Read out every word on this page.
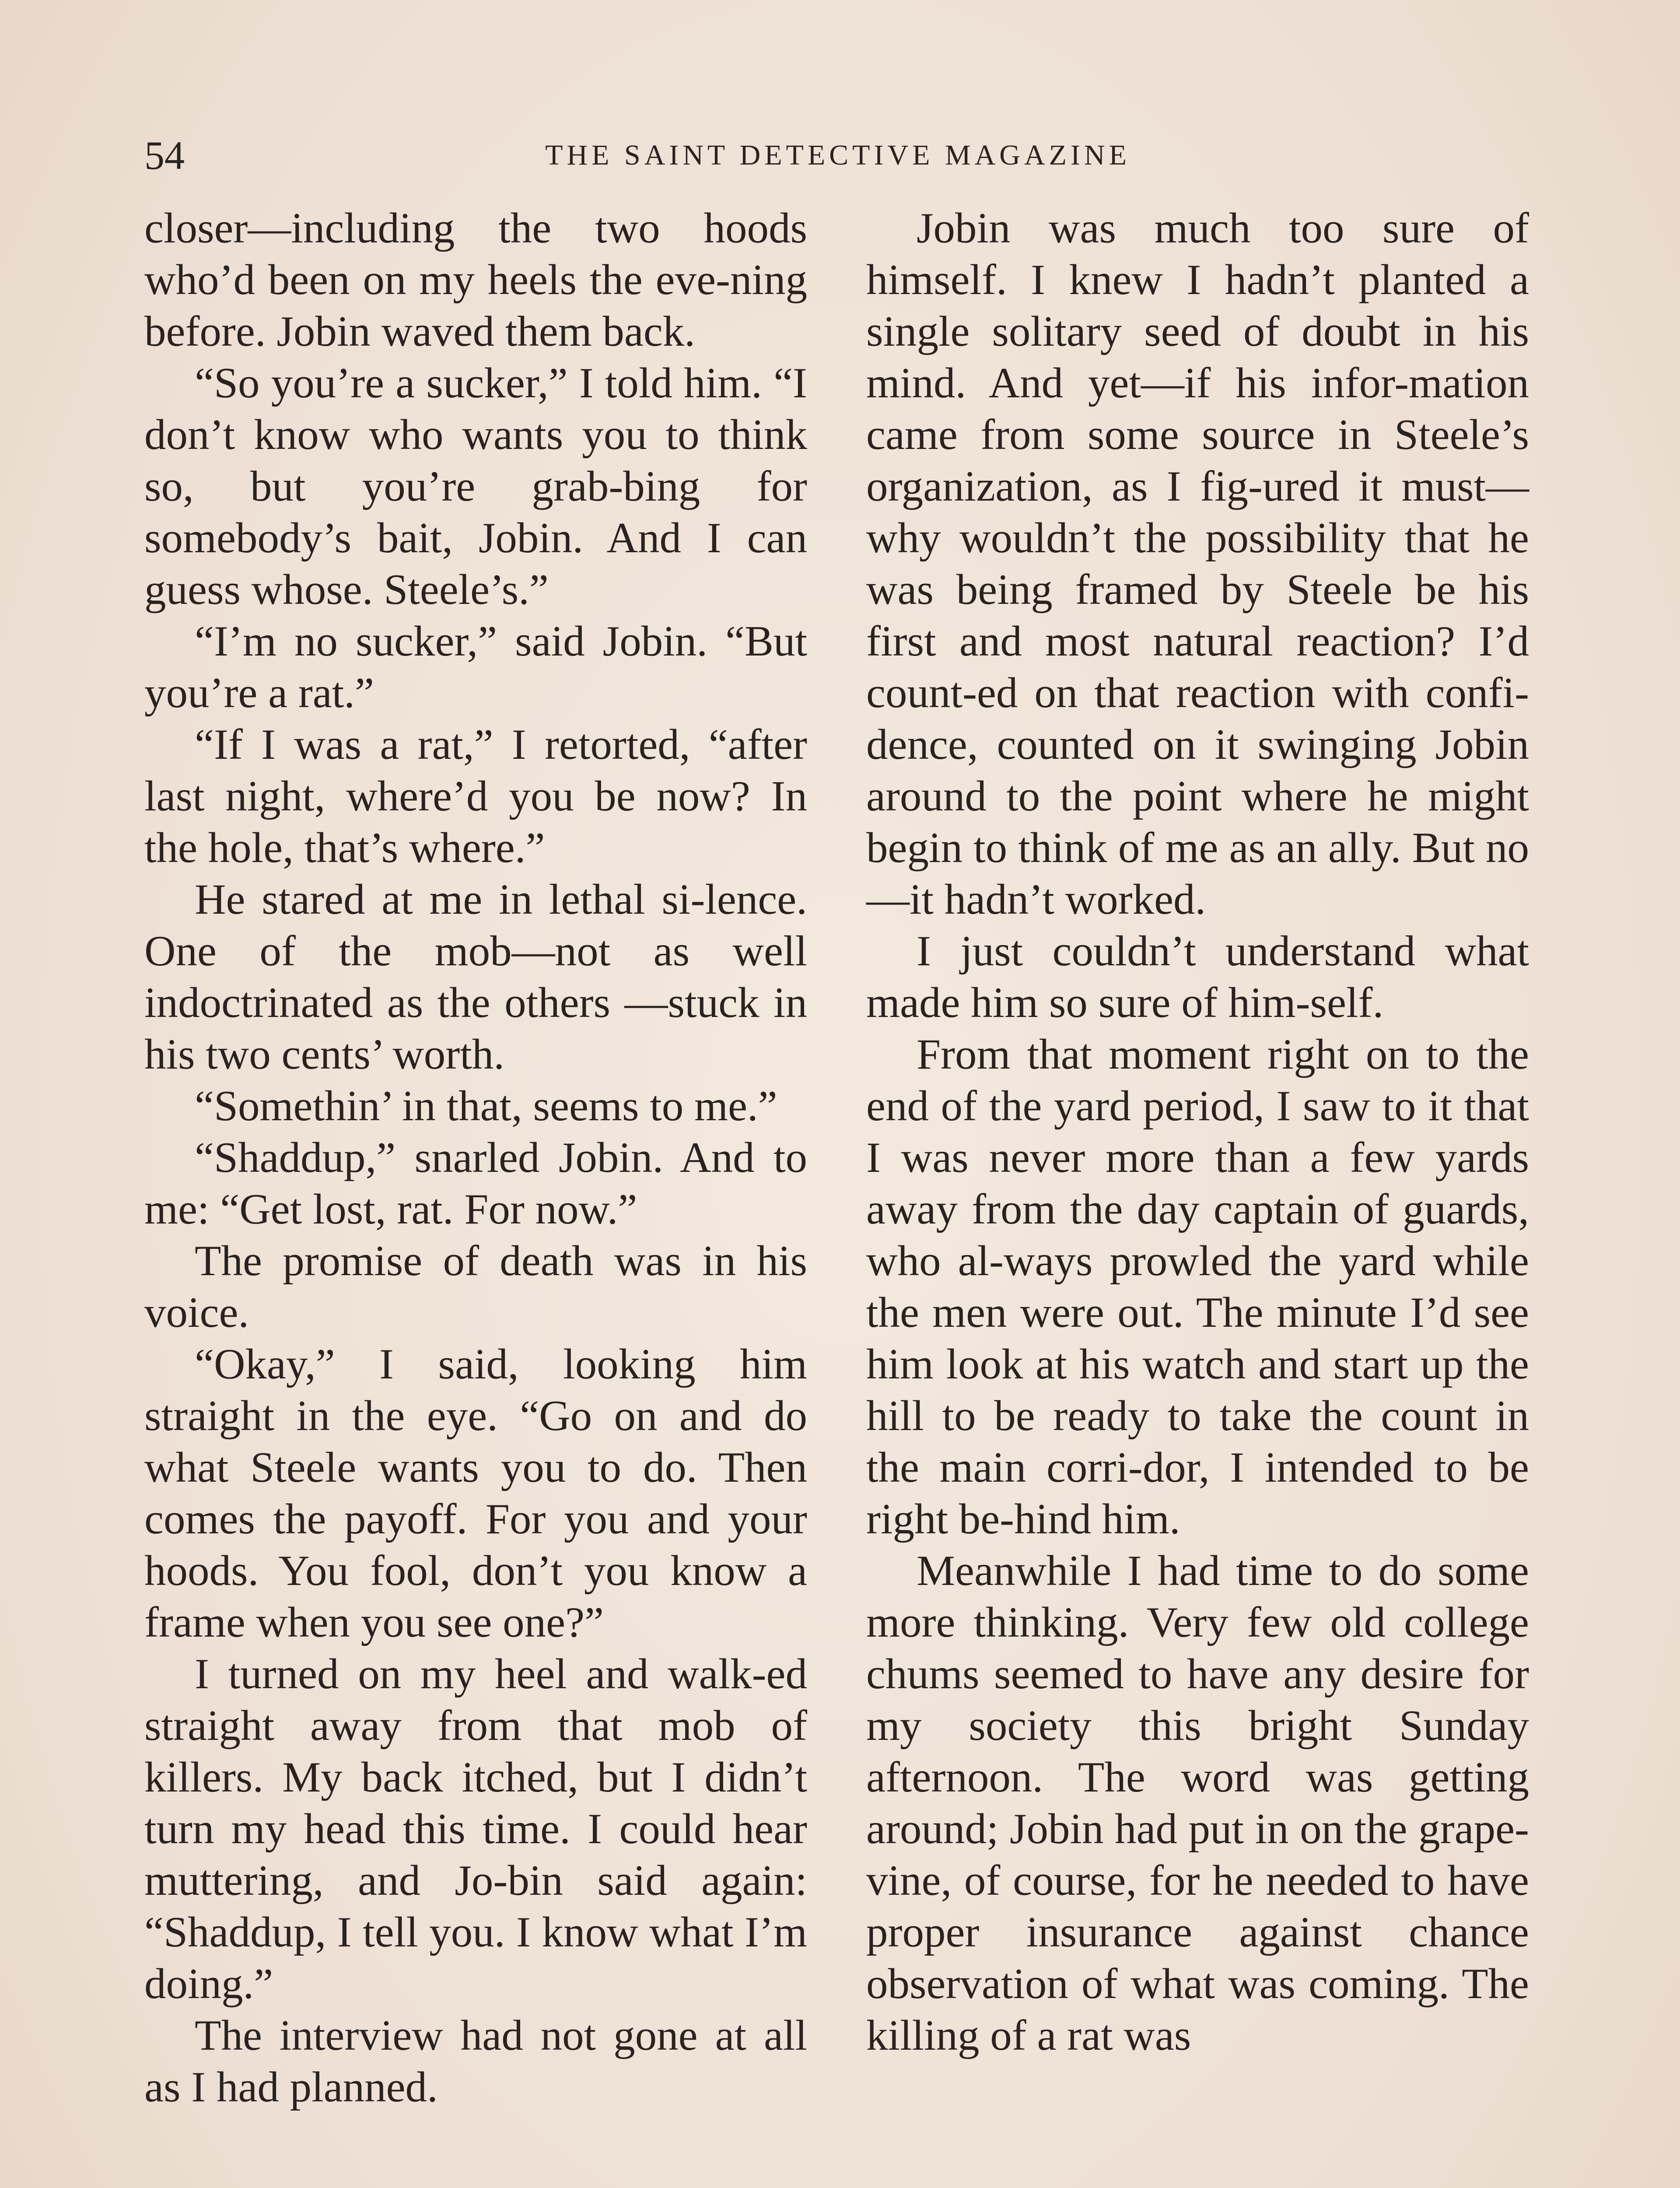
54	THE SAINT DETECTIVE MAGAZINE

closer—including the two hoods who’d been on my heels the eve-ning before. Jobin waved them back.

“So you’re a sucker,” I told him. “I don’t know who wants you to think so, but you’re grab-bing for somebody’s bait, Jobin. And I can guess whose. Steele’s.”

“I’m no sucker,” said Jobin. “But you’re a rat.”

“If I was a rat,” I retorted, “after last night, where’d you be now? In the hole, that’s where.”

He stared at me in lethal si-lence. One of the mob—not as well indoctrinated as the others —stuck in his two cents’ worth.

“Somethin’ in that, seems to me.”

“Shaddup,” snarled Jobin. And to me: “Get lost, rat. For now.”

The promise of death was in his voice.

“Okay,” I said, looking him straight in the eye. “Go on and do what Steele wants you to do. Then comes the payoff. For you and your hoods. You fool, don’t you know a frame when you see one?”

I turned on my heel and walk-ed straight away from that mob of killers. My back itched, but I didn’t turn my head this time. I could hear muttering, and Jo-bin said again: “Shaddup, I tell you. I know what I’m doing.”

The interview had not gone at all as I had planned.

Jobin was much too sure of himself. I knew I hadn’t planted a single solitary seed of doubt in his mind. And yet—if his infor-mation came from some source in Steele’s organization, as I fig-ured it must—why wouldn’t the possibility that he was being framed by Steele be his first and most natural reaction? I’d count-ed on that reaction with confi-dence, counted on it swinging Jobin around to the point where he might begin to think of me as an ally. But no—it hadn’t worked.

I just couldn’t understand what made him so sure of him-self.

From that moment right on to the end of the yard period, I saw to it that I was never more than a few yards away from the day captain of guards, who al-ways prowled the yard while the men were out. The minute I’d see him look at his watch and start up the hill to be ready to take the count in the main corri-dor, I intended to be right be-hind him.

Meanwhile I had time to do some more thinking. Very few old college chums seemed to have any desire for my society this bright Sunday afternoon. The word was getting around; Jobin had put in on the grape-vine, of course, for he needed to have proper insurance against chance observation of what was coming. The killing of a rat was
